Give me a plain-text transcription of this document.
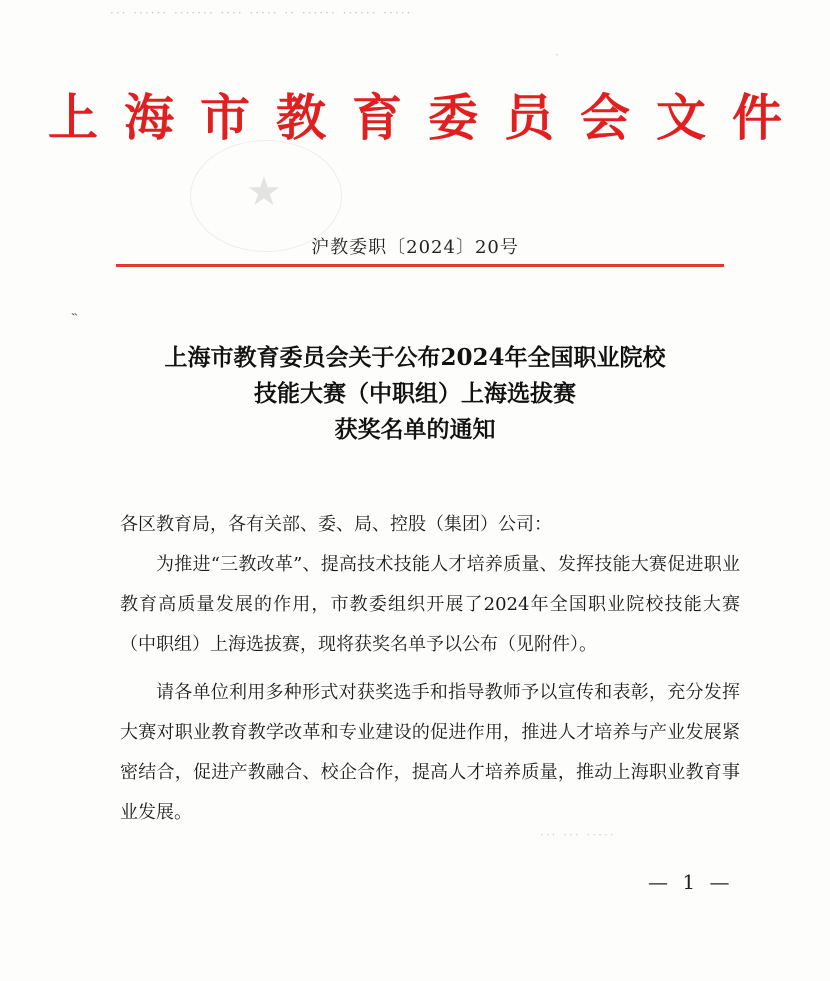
··· ······ ······· ···· ····· ·· ······ ······ ·····
·
上海市教育委员会文件
★
沪教委职〔2024〕20号
˵
上海市教育委员会关于公布2024年全国职业院校
技能大赛（中职组）上海选拔赛
获奖名单的通知

各区教育局，各有关部、委、局、控股（集团）公司：

为推进“三教改革”、提高技术技能人才培养质量、发挥技能大赛促进职业教育高质量发展的作用，市教委组织开展了2024年全国职业院校技能大赛（中职组）上海选拔赛，现将获奖名单予以公布（见附件）。

请各单位利用多种形式对获奖选手和指导教师予以宣传和表彰，充分发挥大赛对职业教育教学改革和专业建设的促进作用，推进人才培养与产业发展紧密结合，促进产教融合、校企合作，提高人才培养质量，推动上海职业教育事业发展。

··· ··· ·····
— 1 —
